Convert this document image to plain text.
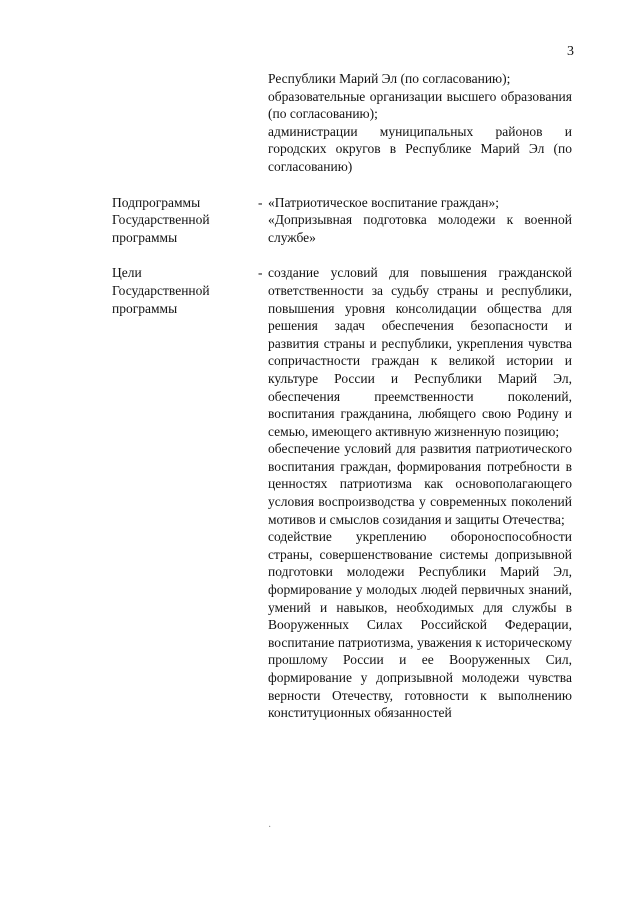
3
Республики Марий Эл (по согласованию);
образовательные организации высшего образования (по согласованию);
администрации муниципальных районов и городских округов в Республике Марий Эл (по согласованию)
Подпрограммы
Государственной
программы
- «Патриотическое воспитание граждан»;
«Допризывная подготовка молодежи к военной службе»
Цели
Государственной
программы
- создание условий для повышения гражданской ответственности за судьбу страны и республики, повышения уровня консолидации общества для решения задач обеспечения безопасности и развития страны и республики, укрепления чувства сопричастности граждан к великой истории и культуре России и Республики Марий Эл, обеспечения преемственности поколений, воспитания гражданина, любящего свою Родину и семью, имеющего активную жизненную позицию;
обеспечение условий для развития патриотического воспитания граждан, формирования потребности в ценностях патриотизма как основополагающего условия воспроизводства у современных поколений мотивов и смыслов созидания и защиты Отечества;
содействие укреплению обороноспособности страны, совершенствование системы допризывной подготовки молодежи Республики Марий Эл, формирование у молодых людей первичных знаний, умений и навыков, необходимых для службы в Вооруженных Силах Российской Федерации, воспитание патриотизма, уважения к историческому прошлому России и ее Вооруженных Сил, формирование у допризывной молодежи чувства верности Отечеству, готовности к выполнению конституционных обязанностей
·
